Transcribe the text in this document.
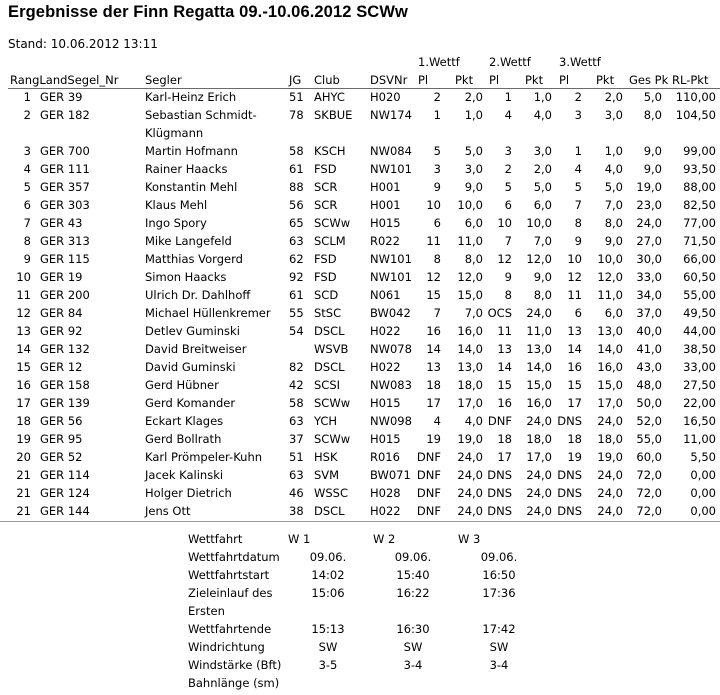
Ergebnisse der Finn Regatta 09.-10.06.2012 SCWw
Stand: 10.06.2012 13:11
1.Wettf	2.Wettf 3.Wettf
RangLandSegel_Nr Segler	JG Club	DSVNr Pl Pkt Pl Pkt Pl Pkt Ges Pk RL-Pkt
1 GER 39	Karl-Heinz Erich	51 AHYC H020	2	2,0	1	1,0	2	2,0	5,0	110,00
2 GER 182	Sebastian Schmidt-	78 SKBUE NW174	1	1,0	4	4,0	3	3,0	8,0	104,50
Klügmann
3 GER 700	Martin Hofmann	58 KSCH NW084	5	5,0	3	3,0	1	1,0	9,0	99,00
4 GER 111	Rainer Haacks	61 FSD	NW101	3	3,0	2	2,0	4	4,0	9,0	93,50
5 GER 357	Konstantin Mehl	88 SCR	H001	9	9,0	5	5,0	5	5,0	19,0	88,00
6 GER 303	Klaus Mehl	56 SCR	H001	10	10,0	6	6,0	7	7,0	23,0	82,50
7 GER 43	Ingo Spory	65 SCWw H015	6	6,0	10	10,0	8	8,0	24,0	77,00
8 GER 313	Mike Langefeld	63 SCLM R022	11	11,0	7	7,0	9	9,0	27,0	71,50
9 GER 115	Matthias Vorgerd	62 FSD	NW101	8	8,0	12	12,0	10	10,0	30,0	66,00
10 GER 19	Simon Haacks	92 FSD	NW101	12	12,0	9	9,0	12	12,0	33,0	60,50
11 GER 200	Ulrich Dr. Dahlhoff	61 SCD	N061	15	15,0	8	8,0	11	11,0	34,0	55,00
12 GER 84	Michael Hüllenkremer 55 StSC	BW042	7	7,0 OCS	24,0	6	6,0	37,0	49,50
13 GER 92	Detlev Guminski	54 DSCL H022	16	16,0	11	11,0	13	13,0	40,0	44,00
14 GER 132	David Breitweiser	WSVB NW078	14	14,0	13	13,0	14	14,0	41,0	38,50
15 GER 12	David Guminski	82 DSCL H022	13	13,0	14	14,0	16	16,0	43,0	33,00
16 GER 158	Gerd Hübner	42 SCSI	NW083	18	18,0	15	15,0	15	15,0	48,0	27,50
17 GER 139	Gerd Komander	58 SCWw H015	17	17,0	16	16,0	17	17,0	50,0	22,00
18 GER 56	Eckart Klages	63 YCH	NW098	4	4,0 DNF	24,0 DNS	24,0	52,0	16,50
19 GER 95	Gerd Bollrath	37 SCWw H015	19	19,0	18	18,0	18	18,0	55,0	11,00
20 GER 52	Karl Prömpeler-Kuhn 51 HSK	R016	DNF	24,0	17	17,0	19	19,0	60,0	5,50
21 GER 114	Jacek Kalinski	63 SVM	BW071 DNF	24,0 DNS	24,0 DNS	24,0	72,0	0,00
21 GER 124	Holger Dietrich	46 WSSC H028	DNF	24,0 DNS	24,0 DNS	24,0	72,0	0,00
21 GER 144	Jens Ott	38 DSCL H022	DNF	24,0 DNS	24,0 DNS	24,0	72,0	0,00
Wettfahrt	W 1	W 2	W 3
Wettfahrtdatum	09.06.	09.06.	09.06.
Wettfahrtstart	14:02	15:40	16:50
Zieleinlauf des	15:06	16:22	17:36
Ersten
Wettfahrtende	15:13	16:30	17:42
Windrichtung	SW	SW	SW
Windstärke (Bft)	3-5	3-4	3-4
Bahnlänge (sm)
